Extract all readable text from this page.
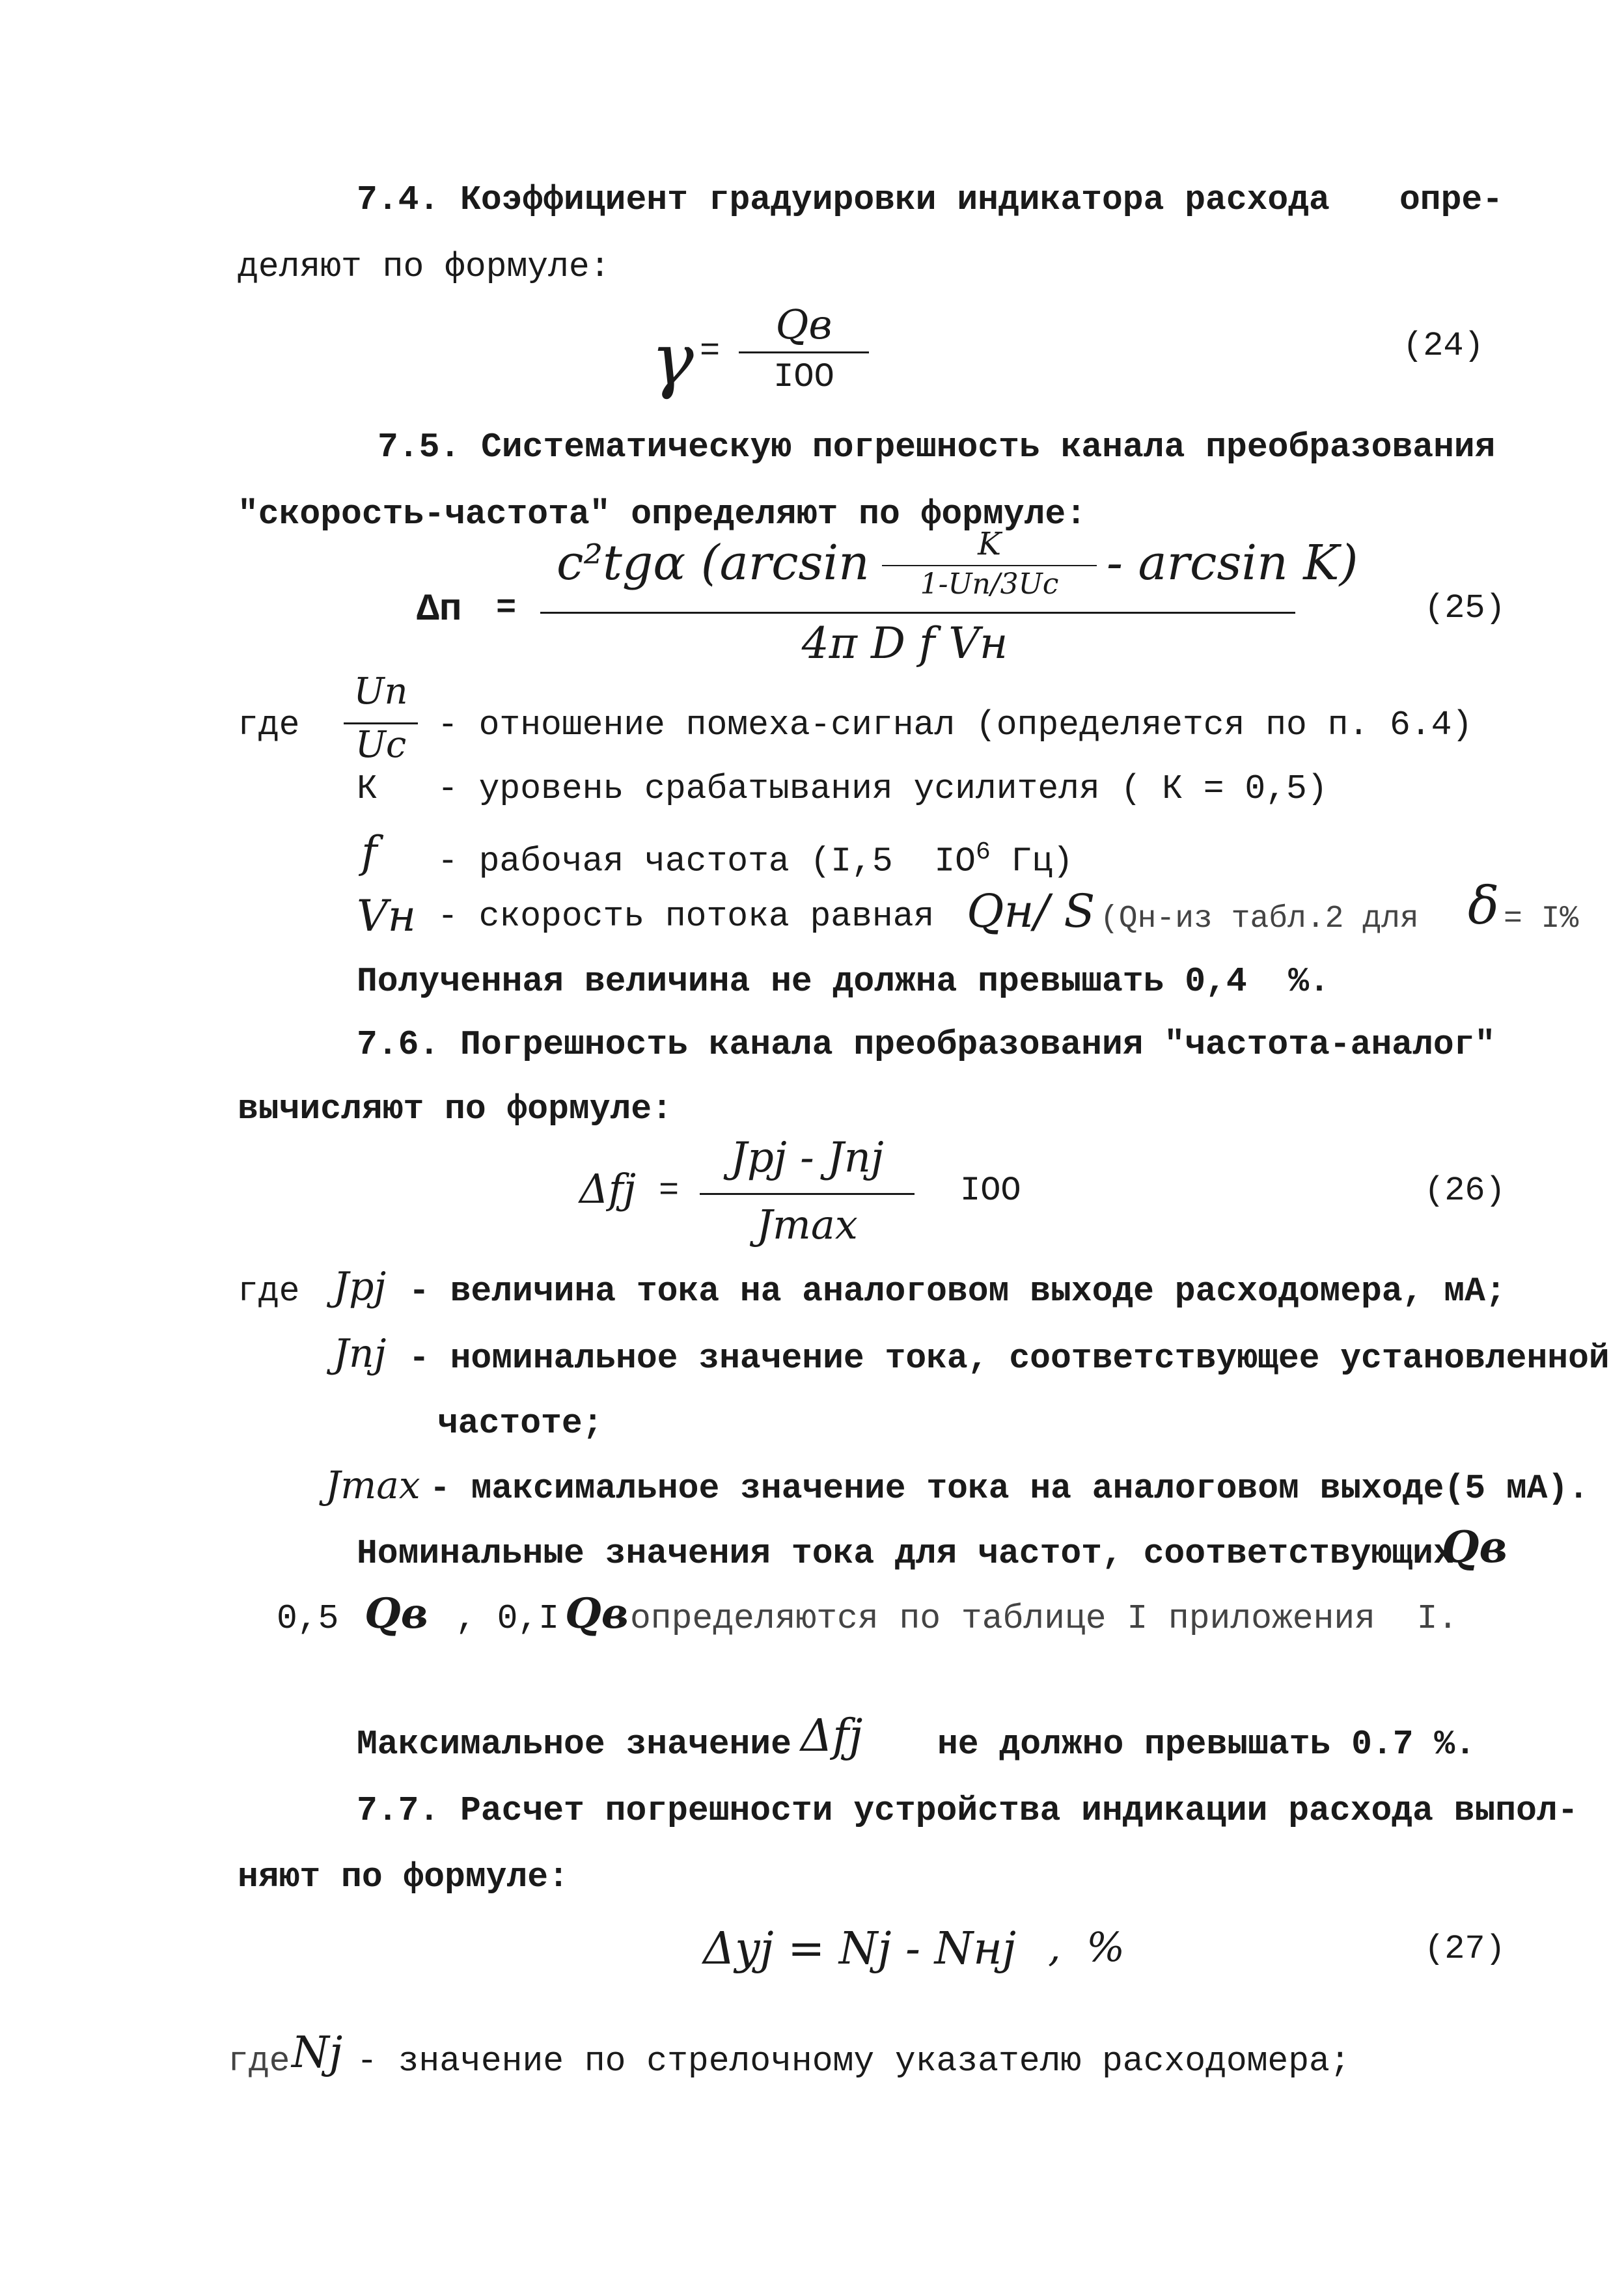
7.4. Коэффициент градуировки индикатора расхода опре-
деляют по формуле:
γ =
Qв
IOO
(24)
7.5. Систематическую погрешность канала преобразования
"скорость-частота" определяют по формуле:
Δп =
c²tgα (arcsin	K
1-Uп/3Uc - arcsin K)
4π D f Vн
(25)
где
Uп
Uc - отношение помеха-сигнал (определяется по п. 6.4)
К - уровень срабатывания усилителя ( К = 0,5)
f - рабочая частота (I,5  $IO^6$ Гц)
Vн - скорость потока равная Qн/ S (Qн-из табл.2 для δ = I%
Полученная величина не должна превышать 0,4  %.
7.6. Погрешность канала преобразования "частота-аналог"
вычисляют по формуле:
Δfj =
Jpj - Jnj
Jmax
IOO	(26)
где Jpj - величина тока на аналоговом выходе расходомера, мА;
Jnj - номинальное значение тока, соответствующее установленной
частоте;
Jmax - максимальное значение тока на аналоговом выходе(5 мА).
Номинальные значения тока для частот, соответствующих
Qв
0,5 Qв , 0,I Qв определяются по таблице I приложения  I.
Максимальное значение Δfj не должно превышать 0.7 %.
7.7. Расчет погрешности устройства индикации расхода выпол-
няют по формуле:
Δyj = Nj - Nнj ,  %	(27)
где Nj - значение по стрелочному указателю расходомера;
